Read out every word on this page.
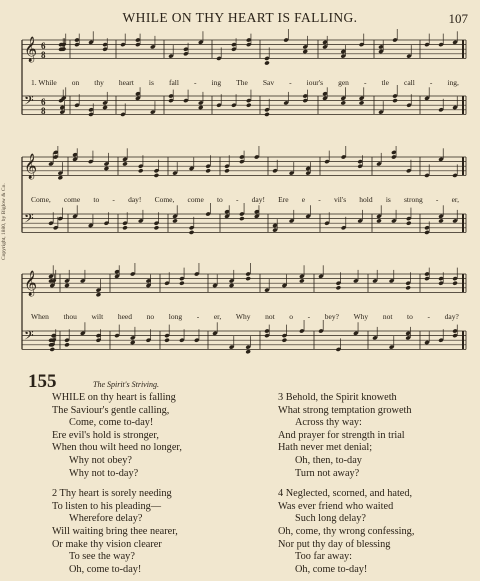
WHILE ON THY HEART IS FALLING.	107
Copyright, 1880, by Biglow & Co.
𝄞 6
8
𝄢 6
8
𝄞
𝄢
𝄞
𝄢
1. While on thy heart is fall - ing The Sav - iour's gen - tle call - ing,
Come, come to - day! Come, come to - day! Ere e - vil's hold is strong - er,
When thou wilt heed no long - er, Why not o - bey? Why not to - day?
155	The Spirit's Striving.
WHILE on thy heart is falling
The Saviour's gentle calling,
Come, come to-day!
Ere evil's hold is stronger,
When thou wilt heed no longer,
Why not obey?
Why not to-day?
2 Thy heart is sorely needing
To listen to his pleading—
Wherefore delay?
Will waiting bring thee nearer,
Or make thy vision clearer
To see the way?
Oh, come to-day!
3 Behold, the Spirit knoweth
What strong temptation groweth
Across thy way:
And prayer for strength in trial
Hath never met denial;
Oh, then, to-day
Turn not away?
4 Neglected, scorned, and hated,
Was ever friend who waited
Such long delay?
Oh, come, thy wrong confessing,
Nor put thy day of blessing
Too far away:
Oh, come to-day!
